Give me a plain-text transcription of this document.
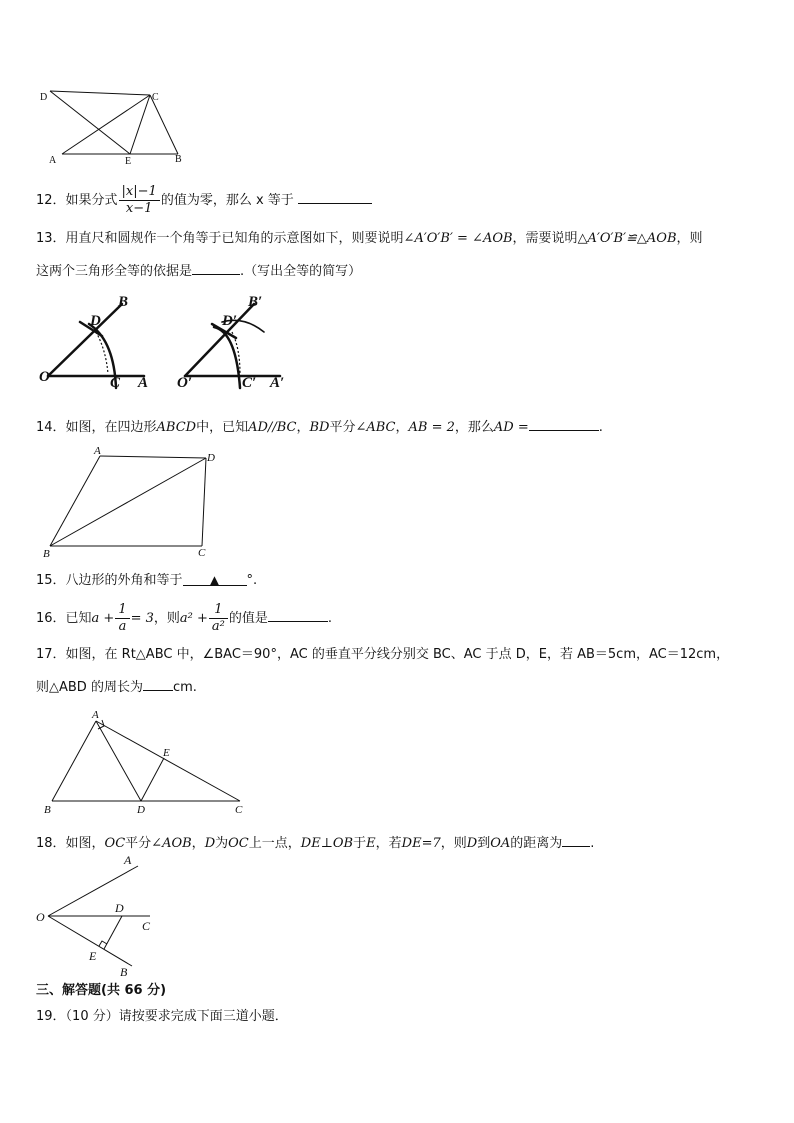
D	C
A	E	B
12．如果分式 $\frac{|x|-1}{x-1}$ 的值为零，那么 x 等于
13．用直尺和圆规作一个角等于已知角的示意图如下，则要说明∠A′O′B′ = ∠AOB，需要说明△A′O′B′≌△AOB，则
这两个三角形全等的依据是	.（写出全等的简写）
B
D
O	C A
B′
D′
O′	C′ A′
14．如图，在四边形ABCD中，已知AD//BC，BD平分∠ABC，AB = 2，那么AD =	.
A
D
B	C
15．八边形的外角和等于 ▲ °.
16．已知$a + \frac{1}{a} = 3$，则$a^2 + \frac{1}{\text{a²}}$ 的值是	.
17．如图，在 Rt△ABC 中，∠BAC＝90°，AC 的垂直平分线分别交 BC、AC 于点 D，E，若 AB＝5cm，AC＝12cm，
则△ABD 的周长为 cm.
A
E
B	D	C
18．如图，OC平分∠AOB，D为OC上一点，DE⊥OB于E，若DE=7，则D到OA的距离为 .
A
O
D
C
E
B
三、解答题(共 66 分)
19．（10 分）请按要求完成下面三道小题．
